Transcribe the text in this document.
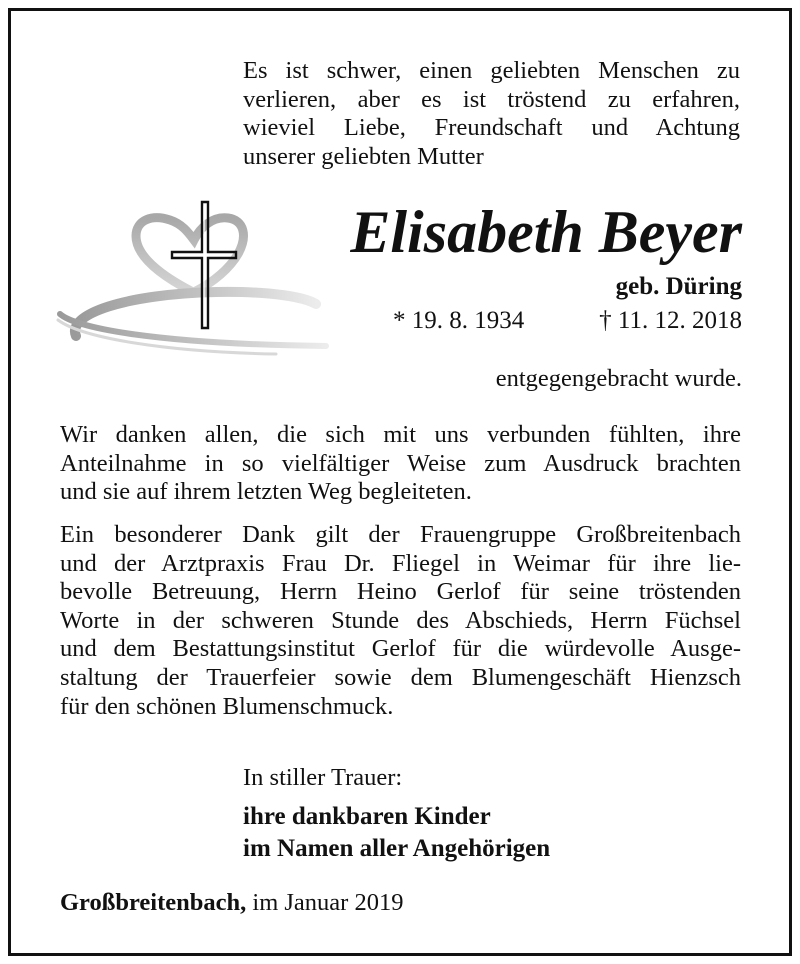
Es ist schwer, einen geliebten Menschen zu
verlieren, aber es ist tröstend zu erfahren,
wieviel Liebe, Freundschaft und Achtung
unserer geliebten Mutter
Elisabeth Beyer
geb. Düring
* 19. 8. 1934	† 11. 12. 2018
entgegengebracht wurde.
Wir danken allen, die sich mit uns verbunden fühlten, ihre
Anteilnahme in so vielfältiger Weise zum Ausdruck brachten
und sie auf ihrem letzten Weg begleiteten.
Ein besonderer Dank gilt der Frauengruppe Großbreitenbach
und der Arztpraxis Frau Dr. Fliegel in Weimar für ihre lie-
bevolle Betreuung, Herrn Heino Gerlof für seine tröstenden
Worte in der schweren Stunde des Abschieds, Herrn Füchsel
und dem Bestattungsinstitut Gerlof für die würdevolle Ausge-
staltung der Trauerfeier sowie dem Blumengeschäft Hienzsch
für den schönen Blumenschmuck.
In stiller Trauer:
ihre dankbaren Kinder
im Namen aller Angehörigen
Großbreitenbach, im Januar 2019
